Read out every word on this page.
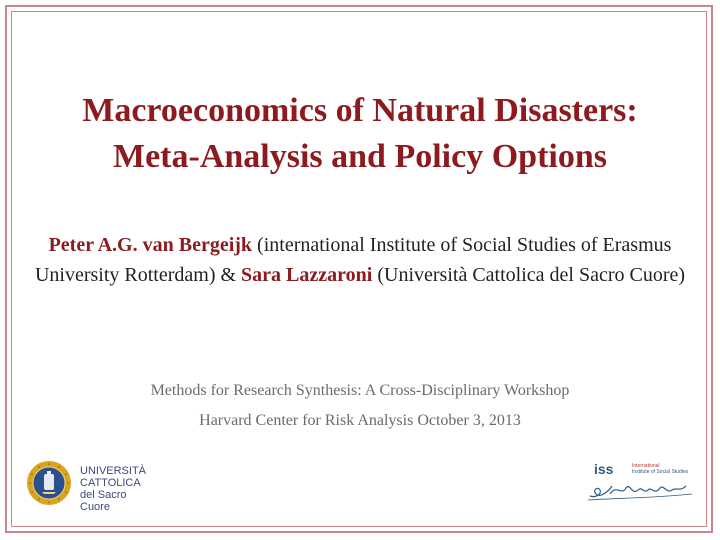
Macroeconomics of Natural Disasters:
Meta-Analysis and Policy Options
Peter A.G. van Bergeijk (international Institute of Social Studies of Erasmus University Rotterdam) & Sara Lazzaroni (Università Cattolica del Sacro Cuore)
Methods for Research Synthesis: A Cross-Disciplinary Workshop
Harvard Center for Risk Analysis October 3, 2013
UNIVERSITÀ
CATTOLICA
del Sacro Cuore
iss	International
Institute of Social Studies
